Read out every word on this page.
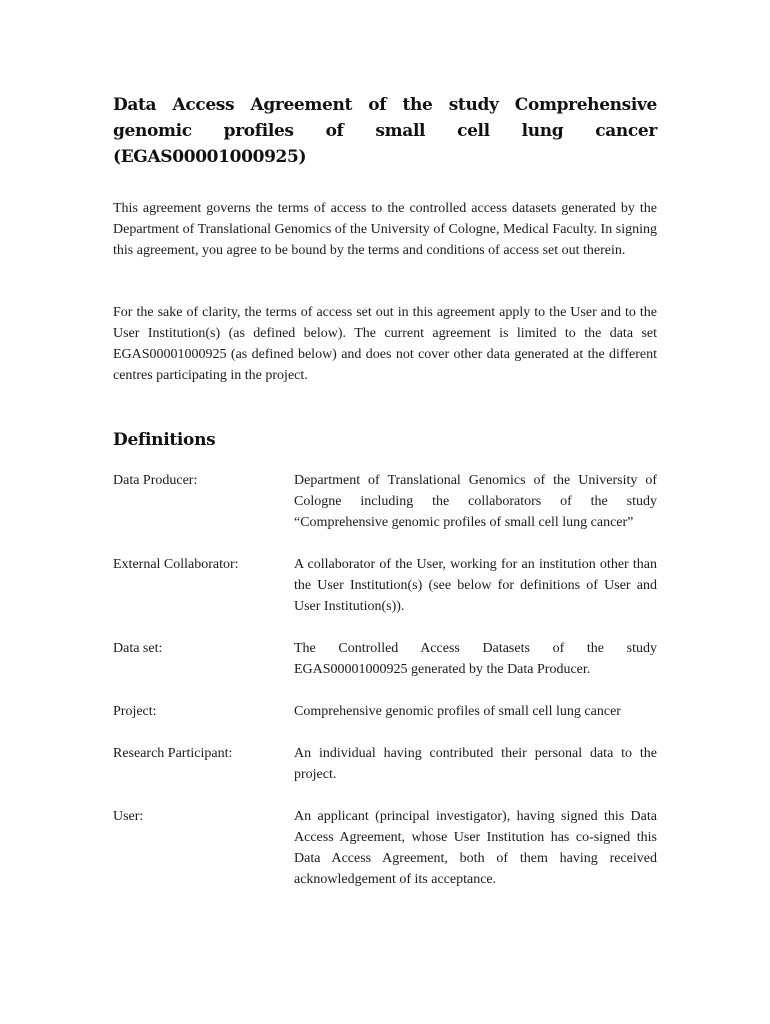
Data Access Agreement of the study Comprehensive genomic profiles of small cell lung cancer (EGAS00001000925)

This agreement governs the terms of access to the controlled access datasets generated by the Department of Translational Genomics of the University of Cologne, Medical Faculty. In signing this agreement, you agree to be bound by the terms and conditions of access set out therein.

For the sake of clarity, the terms of access set out in this agreement apply to the User and to the User Institution(s) (as defined below). The current agreement is limited to the data set EGAS00001000925 (as defined below) and does not cover other data generated at the different centres participating in the project.

Definitions
Data Producer:	Department of Translational Genomics of the University of Cologne including the collaborators of the study “Comprehensive genomic profiles of small cell lung cancer”
External Collaborator:	A collaborator of the User, working for an institution other than the User Institution(s) (see below for definitions of User and User Institution(s)).
Data set:	The Controlled Access Datasets of the study EGAS00001000925 generated by the Data Producer.
Project:	Comprehensive genomic profiles of small cell lung cancer
Research Participant:	An individual having contributed their personal data to the project.
User:	An applicant (principal investigator), having signed this Data Access Agreement, whose User Institution has co-signed this Data Access Agreement, both of them having received acknowledgement of its acceptance.
